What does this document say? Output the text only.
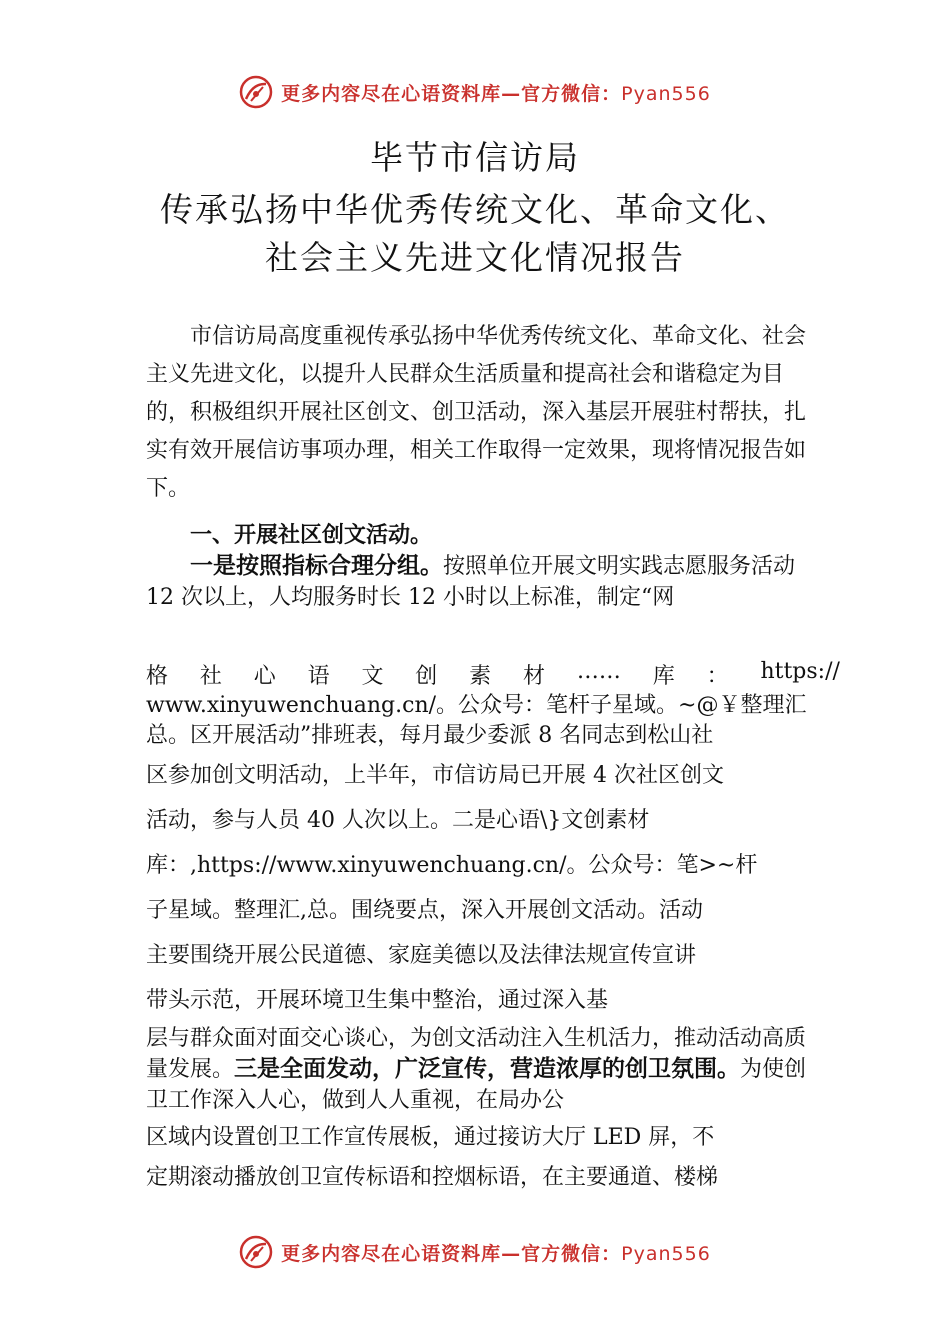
更多内容尽在心语资料库—官方微信：Pyan556
毕节市信访局
传承弘扬中华优秀传统文化、革命文化、
社会主义先进文化情况报告

市信访局高度重视传承弘扬中华优秀传统文化、革命文化、社会主义先进文化，以提升人民群众生活质量和提高社会和谐稳定为目的，积极组织开展社区创文、创卫活动，深入基层开展驻村帮扶，扎实有效开展信访事项办理，相关工作取得一定效果，现将情况报告如下。

一、开展社区创文活动。

一是按照指标合理分组。按照单位开展文明实践志愿服务活动 12 次以上，人均服务时长 12 小时以上标准，制定“网

格 社 心 语 文 创 素 材 …… 库 ： https://

www.xinyuwenchuang.cn/。公众号：笔杆子星域。~@￥整理汇

总。区开展活动”排班表，每月最少委派 8 名同志到松山社

区参加创文明活动，上半年，市信访局已开展 4 次社区创文

活动，参与人员 40 人次以上。二是心语\}文创素材

库：,https://www.xinyuwenchuang.cn/。公众号：笔>~杆

子星域。整理汇,总。围绕要点，深入开展创文活动。活动

主要围绕开展公民道德、家庭美德以及法律法规宣传宣讲

带头示范，开展环境卫生集中整治，通过深入基

层与群众面对面交心谈心，为创文活动注入生机活力，推动活动高质量发展。三是全面发动，广泛宣传，营造浓厚的创卫氛围。为使创卫工作深入人心，做到人人重视，在局办公

区域内设置创卫工作宣传展板，通过接访大厅 LED 屏，不

定期滚动播放创卫宣传标语和控烟标语，在主要通道、楼梯

更多内容尽在心语资料库—官方微信：Pyan556
